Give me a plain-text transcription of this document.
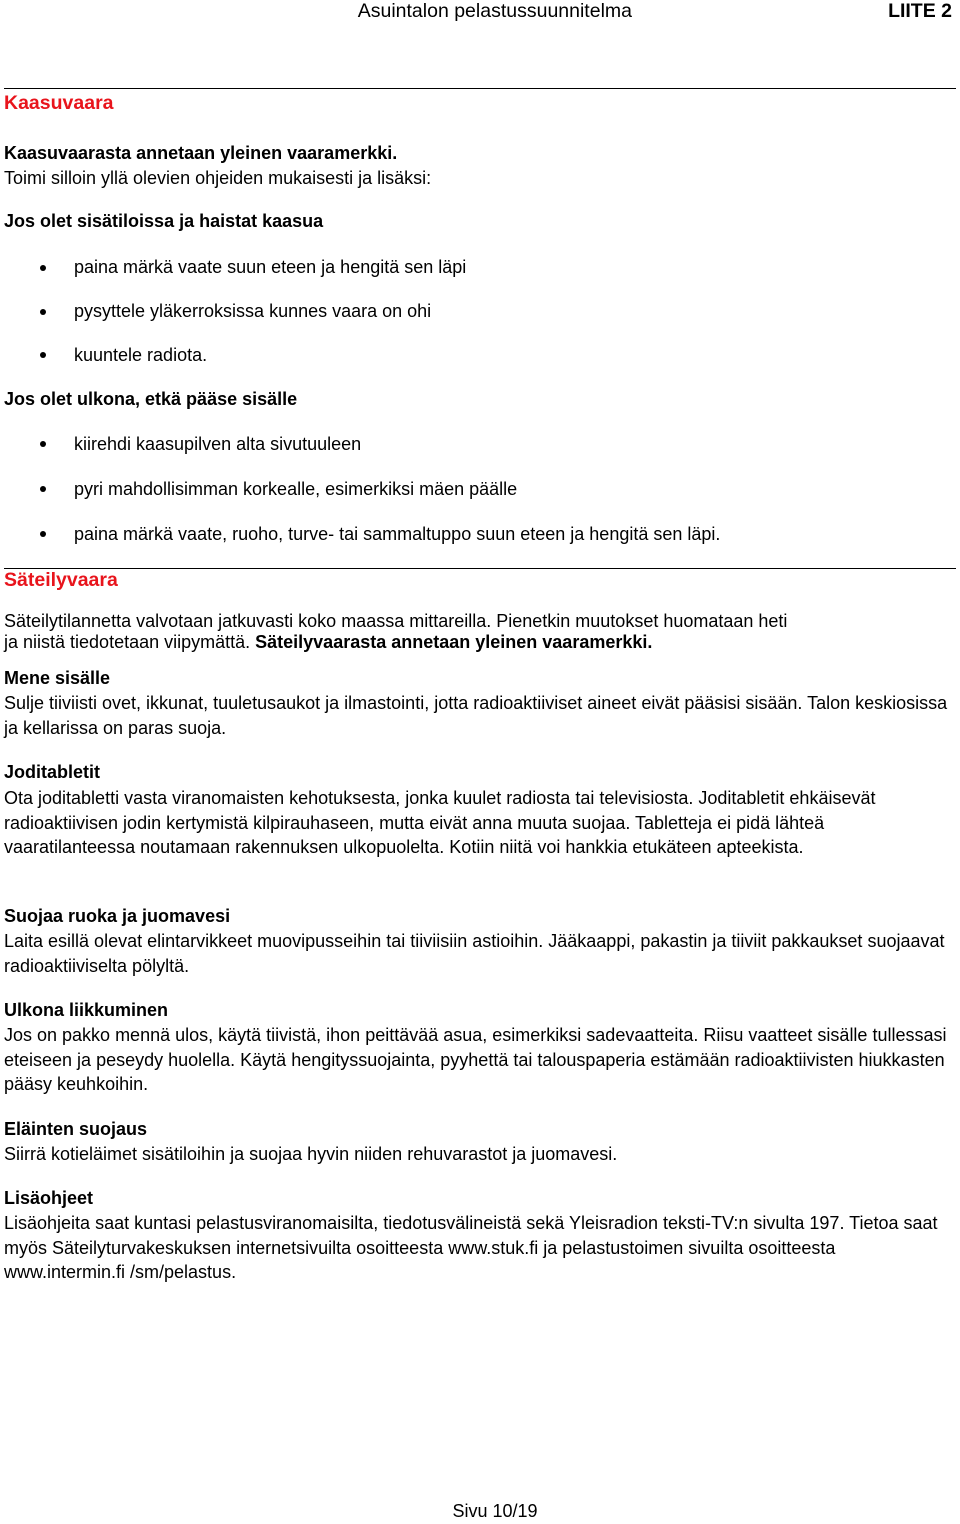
Asuintalon pelastussuunnitelma	LIITE 2
Kaasuvaara
Kaasuvaarasta annetaan yleinen vaaramerkki.
Toimi silloin yllä olevien ohjeiden mukaisesti ja lisäksi:
Jos olet sisätiloissa ja haistat kaasua
paina märkä vaate suun eteen ja hengitä sen läpi
pysyttele yläkerroksissa kunnes vaara on ohi
kuuntele radiota.
Jos olet ulkona, etkä pääse sisälle
kiirehdi kaasupilven alta sivutuuleen
pyri mahdollisimman korkealle, esimerkiksi mäen päälle
paina märkä vaate, ruoho, turve- tai sammaltuppo suun eteen ja hengitä sen läpi.
Säteilyvaara
Säteilytilannetta valvotaan jatkuvasti koko maassa mittareilla. Pienetkin muutokset huomataan heti
ja niistä tiedotetaan viipymättä. Säteilyvaarasta annetaan yleinen vaaramerkki.
Mene sisälle
Sulje tiiviisti ovet, ikkunat, tuuletusaukot ja ilmastointi, jotta radioaktiiviset aineet eivät pääsisi sisään. Talon keskiosissa ja kellarissa on paras suoja.
Joditabletit
Ota joditabletti vasta viranomaisten kehotuksesta, jonka kuulet radiosta tai televisiosta. Joditabletit ehkäisevät radioaktiivisen jodin kertymistä kilpirauhaseen, mutta eivät anna muuta suojaa. Tabletteja ei pidä lähteä vaaratilanteessa noutamaan rakennuksen ulkopuolelta. Kotiin niitä voi hankkia etukäteen apteekista.
Suojaa ruoka ja juomavesi
Laita esillä olevat elintarvikkeet muovipusseihin tai tiiviisiin astioihin. Jääkaappi, pakastin ja tiiviit pakkaukset suojaavat radioaktiiviselta pölyltä.
Ulkona liikkuminen
Jos on pakko mennä ulos, käytä tiivistä, ihon peittävää asua, esimerkiksi sadevaatteita. Riisu vaatteet sisälle tullessasi eteiseen ja peseydy huolella. Käytä hengityssuojainta, pyyhettä tai talouspaperia estämään radioaktiivisten hiukkasten pääsy keuhkoihin.
Eläinten suojaus
Siirrä kotieläimet sisätiloihin ja suojaa hyvin niiden rehuvarastot ja juomavesi.
Lisäohjeet
Lisäohjeita saat kuntasi pelastusviranomaisilta, tiedotusvälineistä sekä Yleisradion teksti-TV:n sivulta 197. Tietoa saat myös Säteilyturvakeskuksen internetsivuilta osoitteesta www.stuk.fi ja pelastustoimen sivuilta osoitteesta www.intermin.fi /sm/pelastus.
Sivu 10/19
